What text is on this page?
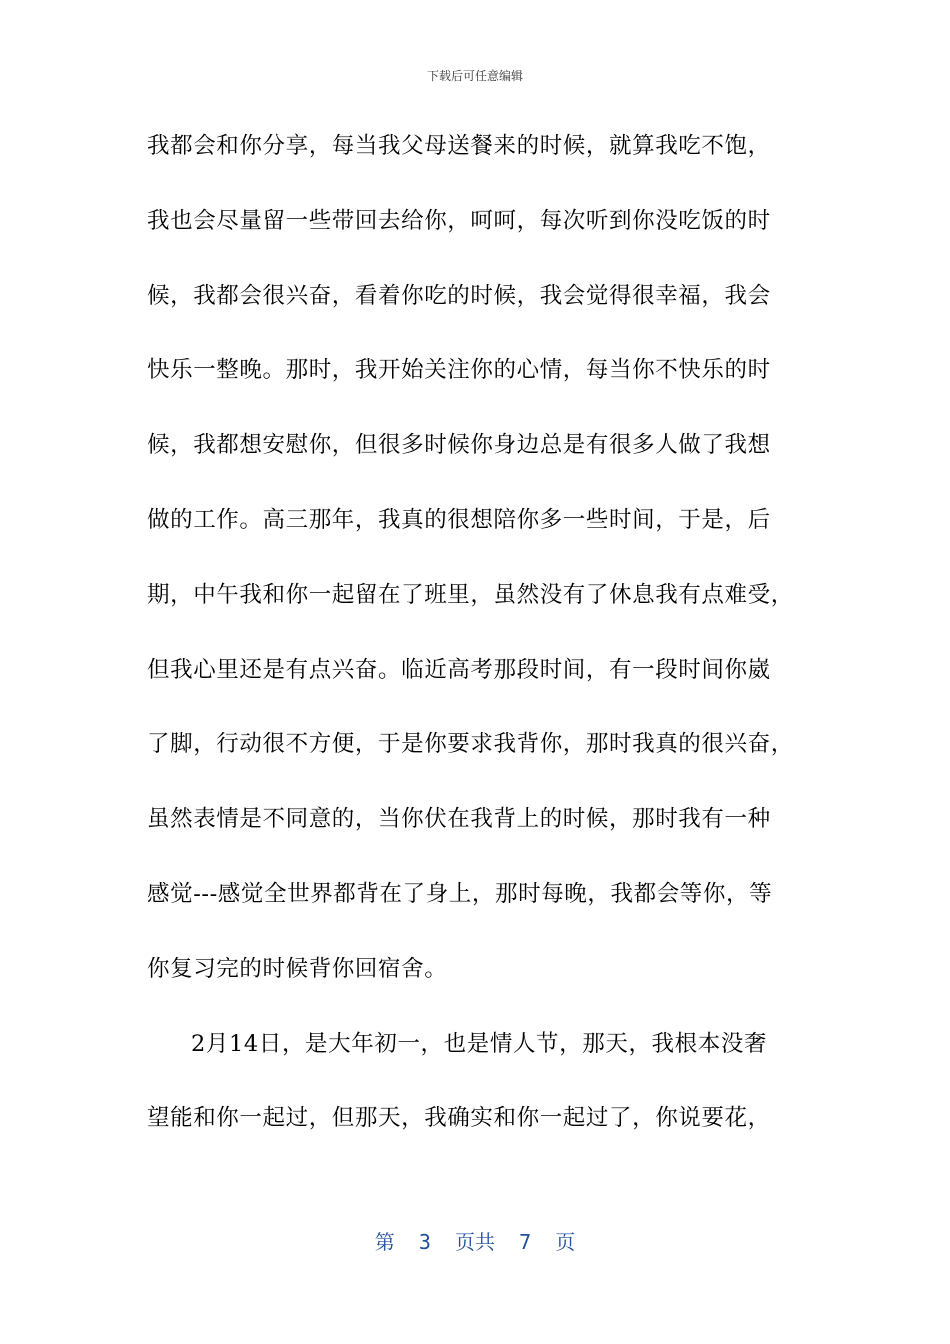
下载后可任意编辑
我都会和你分享，每当我父母送餐来的时候，就算我吃不饱，
我也会尽量留一些带回去给你，呵呵，每次听到你没吃饭的时
候，我都会很兴奋，看着你吃的时候，我会觉得很幸福，我会
快乐一整晚。那时，我开始关注你的心情，每当你不快乐的时
候，我都想安慰你，但很多时候你身边总是有很多人做了我想
做的工作。高三那年，我真的很想陪你多一些时间，于是，后
期，中午我和你一起留在了班里，虽然没有了休息我有点难受，
但我心里还是有点兴奋。临近高考那段时间，有一段时间你崴
了脚，行动很不方便，于是你要求我背你，那时我真的很兴奋，
虽然表情是不同意的，当你伏在我背上的时候，那时我有一种
感觉---感觉全世界都背在了身上，那时每晚，我都会等你，等
你复习完的时候背你回宿舍。
2月14日，是大年初一，也是情人节，那天，我根本没奢
望能和你一起过，但那天，我确实和你一起过了，你说要花，
第  3  页共  7  页
